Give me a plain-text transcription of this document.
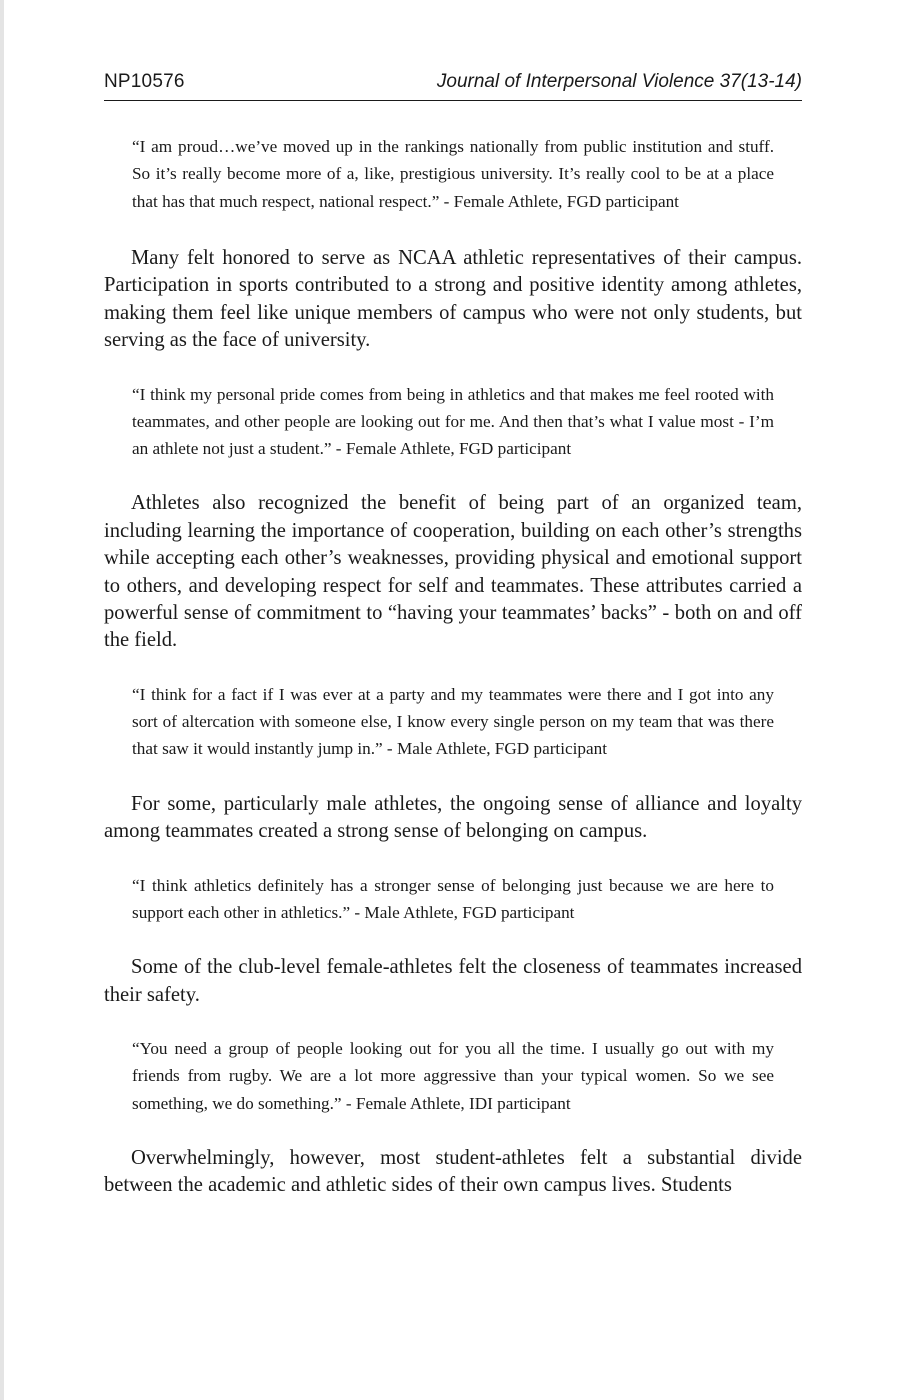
NP10576	Journal of Interpersonal Violence 37(13-14)

“I am proud…we’ve moved up in the rankings nationally from public institution and stuff. So it’s really become more of a, like, prestigious university. It’s really cool to be at a place that has that much respect, national respect.” - Female Athlete, FGD participant

Many felt honored to serve as NCAA athletic representatives of their campus. Participation in sports contributed to a strong and positive identity among athletes, making them feel like unique members of campus who were not only students, but serving as the face of university.

“I think my personal pride comes from being in athletics and that makes me feel rooted with teammates, and other people are looking out for me. And then that’s what I value most - I’m an athlete not just a student.” - Female Athlete, FGD participant

Athletes also recognized the benefit of being part of an organized team, including learning the importance of cooperation, building on each other’s strengths while accepting each other’s weaknesses, providing physical and emotional support to others, and developing respect for self and teammates. These attributes carried a powerful sense of commitment to “having your teammates’ backs” - both on and off the field.

“I think for a fact if I was ever at a party and my teammates were there and I got into any sort of altercation with someone else, I know every single person on my team that was there that saw it would instantly jump in.” - Male Athlete, FGD participant

For some, particularly male athletes, the ongoing sense of alliance and loyalty among teammates created a strong sense of belonging on campus.

“I think athletics definitely has a stronger sense of belonging just because we are here to support each other in athletics.” - Male Athlete, FGD participant

Some of the club-level female-athletes felt the closeness of teammates increased their safety.

“You need a group of people looking out for you all the time. I usually go out with my friends from rugby. We are a lot more aggressive than your typical women. So we see something, we do something.” - Female Athlete, IDI participant

Overwhelmingly, however, most student-athletes felt a substantial divide between the academic and athletic sides of their own campus lives. Students
